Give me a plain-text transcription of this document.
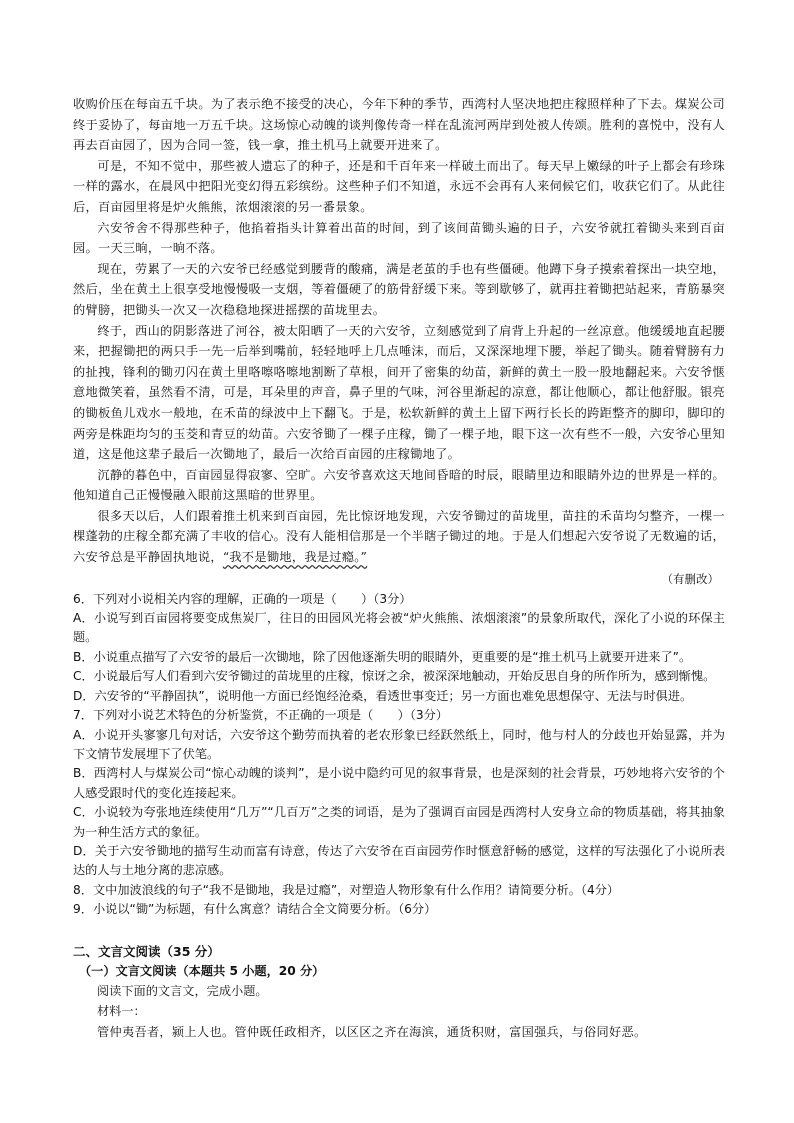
收购价压在每亩五千块。为了表示绝不接受的决心，今年下种的季节，西湾村人坚决地把庄稼照样种了下去。煤炭公司终于妥协了，每亩地一万五千块。这场惊心动魄的谈判像传奇一样在乱流河两岸到处被人传颂。胜利的喜悦中，没有人再去百亩园了，因为合同一签，钱一拿，推土机马上就要开进来了。

可是，不知不觉中，那些被人遗忘了的种子，还是和千百年来一样破土而出了。每天早上嫩绿的叶子上都会有珍珠一样的露水，在晨风中把阳光变幻得五彩缤纷。这些种子们不知道，永远不会再有人来伺候它们，收获它们了。从此往后，百亩园里将是炉火熊熊，浓烟滚滚的另一番景象。

六安爷舍不得那些种子，他掐着指头计算着出苗的时间，到了该间苗锄头遍的日子，六安爷就扛着锄头来到百亩园。一天三晌，一晌不落。

现在，劳累了一天的六安爷已经感觉到腰背的酸痛，满是老茧的手也有些僵硬。他蹲下身子摸索着探出一块空地，然后，坐在黄土上很享受地慢慢吸一支烟，等着僵硬了的筋骨舒缓下来。等到歇够了，就再拄着锄把站起来，青筋暴突的臂膀，把锄头一次又一次稳稳地探进摇摆的苗垅里去。

终于，西山的阴影落进了河谷，被太阳晒了一天的六安爷，立刻感觉到了肩背上升起的一丝凉意。他缓缓地直起腰来，把握锄把的两只手一先一后举到嘴前，轻轻地呼上几点唾沫，而后，又深深地埋下腰，举起了锄头。随着臂膀有力的扯拽，锋利的锄刃闪在黄土里咯嚓咯嚓地割断了草根，间开了密集的幼苗，新鲜的黄土一股一股地翻起来。六安爷惬意地微笑着，虽然看不清，可是，耳朵里的声音，鼻子里的气味，河谷里渐起的凉意，都让他顺心，都让他舒服。银亮的锄板鱼儿戏水一般地，在禾苗的绿波中上下翻飞。于是，松软新鲜的黄土上留下两行长长的跨距整齐的脚印，脚印的两旁是株距均匀的玉茭和青豆的幼苗。六安爷锄了一棵子庄稼，锄了一棵子地，眼下这一次有些不一般，六安爷心里知道，这是他这辈子最后一次锄地了，最后一次给百亩园的庄稼锄地了。

沉静的暮色中，百亩园显得寂寥、空旷。六安爷喜欢这天地间昏暗的时辰，眼睛里边和眼睛外边的世界是一样的。他知道自己正慢慢融入眼前这黑暗的世界里。

很多天以后，人们跟着推土机来到百亩园，先比惊讶地发现，六安爷锄过的苗垅里，苗拄的禾苗均匀整齐，一棵一棵蓬勃的庄稼全都充满了丰收的信心。没有人能相信那是一个半瞎子锄过的地。于是人们想起六安爷说了无数遍的话，六安爷总是平静固执地说，“我不是锄地，我是过瘾。”

（有删改）

6．下列对小说相关内容的理解，正确的一项是（　　）（3分）

A．小说写到百亩园将要变成焦炭厂，往日的田园风光将会被“炉火熊熊、浓烟滚滚”的景象所取代，深化了小说的环保主题。

B．小说重点描写了六安爷的最后一次锄地，除了因他逐渐失明的眼睛外，更重要的是“推土机马上就要开进来了”。

C．小说最后写人们看到六安爷锄过的苗垅里的庄稼，惊讶之余，被深深地触动，开始反思自身的所作所为，感到惭愧。

D．六安爷的“平静固执”，说明他一方面已经饱经沧桑，看透世事变迁；另一方面也难免思想保守、无法与时俱进。

7．下列对小说艺术特色的分析鉴赏，不正确的一项是（　　）（3分）

A．小说开头寥寥几句对话，六安爷这个勤劳而执着的老农形象已经跃然纸上，同时，他与村人的分歧也开始显露，并为下文情节发展埋下了伏笔。

B．西湾村人与煤炭公司“惊心动魄的谈判”，是小说中隐约可见的叙事背景，也是深刻的社会背景，巧妙地将六安爷的个人感受跟时代的变化连接起来。

C．小说较为夸张地连续使用“几万”“几百万”之类的词语，是为了强调百亩园是西湾村人安身立命的物质基础，将其抽象为一种生活方式的象征。

D．关于六安爷锄地的描写生动而富有诗意，传达了六安爷在百亩园劳作时惬意舒畅的感觉，这样的写法强化了小说所表达的人与土地分离的悲凉感。

8．文中加波浪线的句子“我不是锄地，我是过瘾”，对塑造人物形象有什么作用？请简要分析。（4分）

9．小说以“锄”为标题，有什么寓意？请结合全文简要分析。（6分）

二、文言文阅读（35 分）

（一）文言文阅读（本题共 5 小题，20 分）

阅读下面的文言文，完成小题。

材料一：

管仲夷吾者，颍上人也。管仲既任政相齐，以区区之齐在海滨，通货积财，富国强兵，与俗同好恶。
